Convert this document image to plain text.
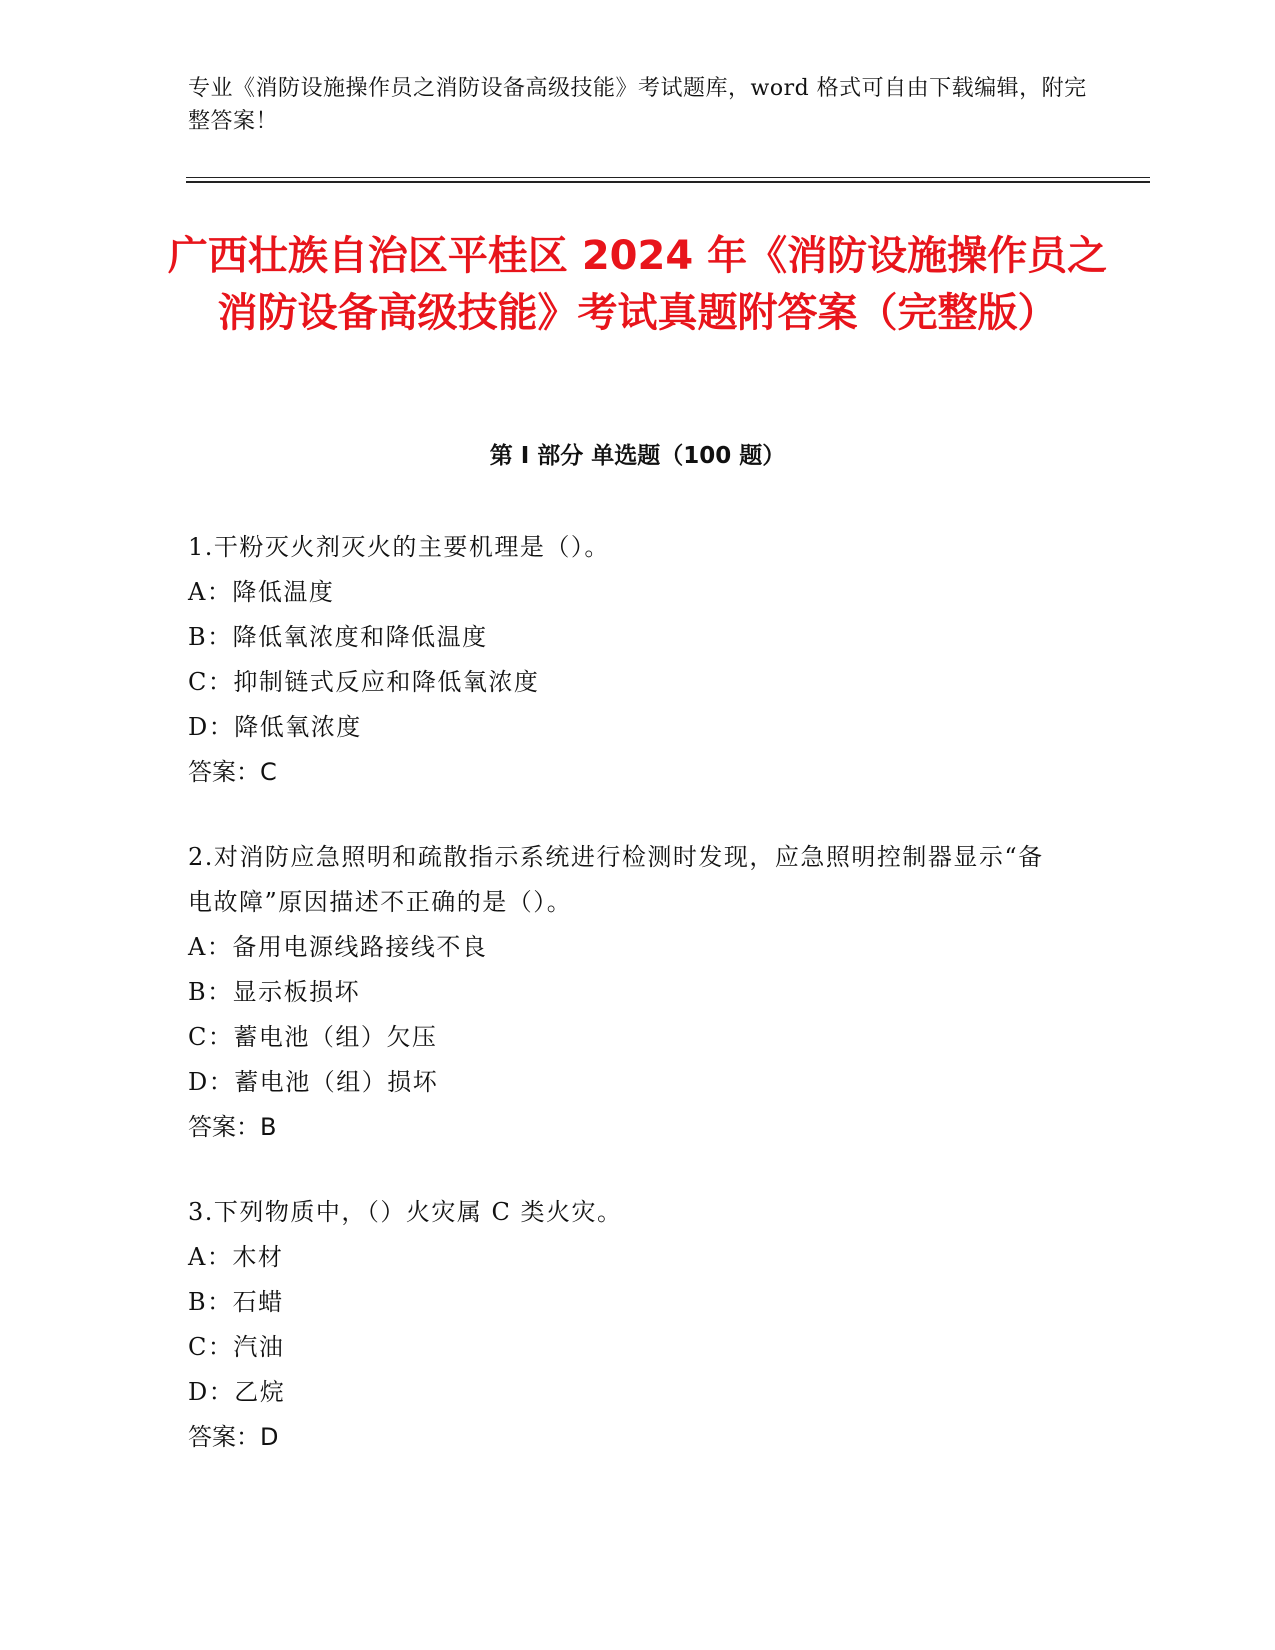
专业《消防设施操作员之消防设备高级技能》考试题库，word 格式可自由下载编辑，附完整答案！
广西壮族自治区平桂区 2024 年《消防设施操作员之消防设备高级技能》考试真题附答案（完整版）
第 I 部分 单选题（100 题）
1.干粉灭火剂灭火的主要机理是（）。
A：降低温度
B：降低氧浓度和降低温度
C：抑制链式反应和降低氧浓度
D：降低氧浓度
答案：C
2.对消防应急照明和疏散指示系统进行检测时发现，应急照明控制器显示“备电故障”原因描述不正确的是（）。
A：备用电源线路接线不良
B：显示板损坏
C：蓄电池（组）欠压
D：蓄电池（组）损坏
答案：B
3.下列物质中，（）火灾属 C 类火灾。
A：木材
B：石蜡
C：汽油
D：乙烷
答案：D
